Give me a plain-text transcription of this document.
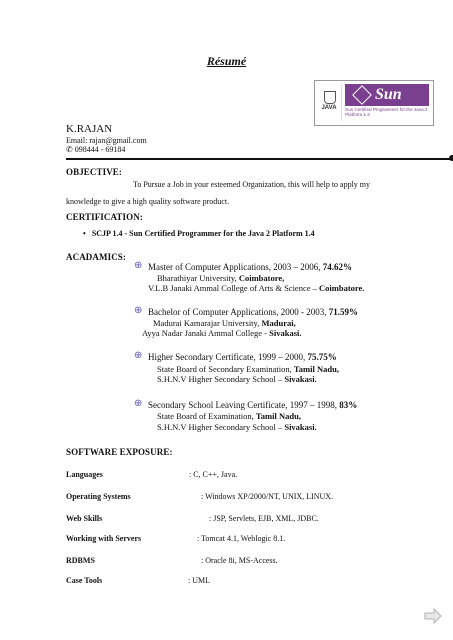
Résumé
JAVA
Sun
Sun Certified Programmer for the Java 2 Platform 1.4
K.RAJAN
Email: rajan@gmail.com
✆ 098444 - 69184
OBJECTIVE:
To Pursue a Job in your esteemed Organization, this will help to apply my
knowledge to give a high quality software product.
CERTIFICATION:
• SCJP 1.4 - Sun Certified Programmer for the Java 2 Platform 1.4
ACADAMICS:
⊕ Master of Computer Applications, 2003 – 2006, 74.62%
Bharathiyar University, Coimbatore,
V.L.B Janaki Ammal College of Arts & Science – Coimbatore.
⊕ Bachelor of Computer Applications, 2000 - 2003, 71.59%
Madurai Kamarajar University, Madurai,
Ayya Nadar Janaki Ammal College - Sivakasi.
⊕ Higher Secondary Certificate, 1999 – 2000, 75.75%
State Board of Secondary Examination, Tamil Nadu,
S.H.N.V Higher Secondary School – Sivakasi.
⊕ Secondary School Leaving Certificate, 1997 – 1998, 83%
State Board of Examination, Tamil Nadu,
S.H.N.V Higher Secondary School – Sivakasi.
SOFTWARE EXPOSURE:
Languages	: C, C++, Java.
Operating Systems	: Windows XP/2000/NT, UNIX, LINUX.
Web Skills	: JSP, Servlets, EJB, XML, JDBC.
Working with Servers	: Tomcat 4.1, Weblogic 8.1.
RDBMS	: Oracle 8i, MS-Access.
Case Tools	: UML
